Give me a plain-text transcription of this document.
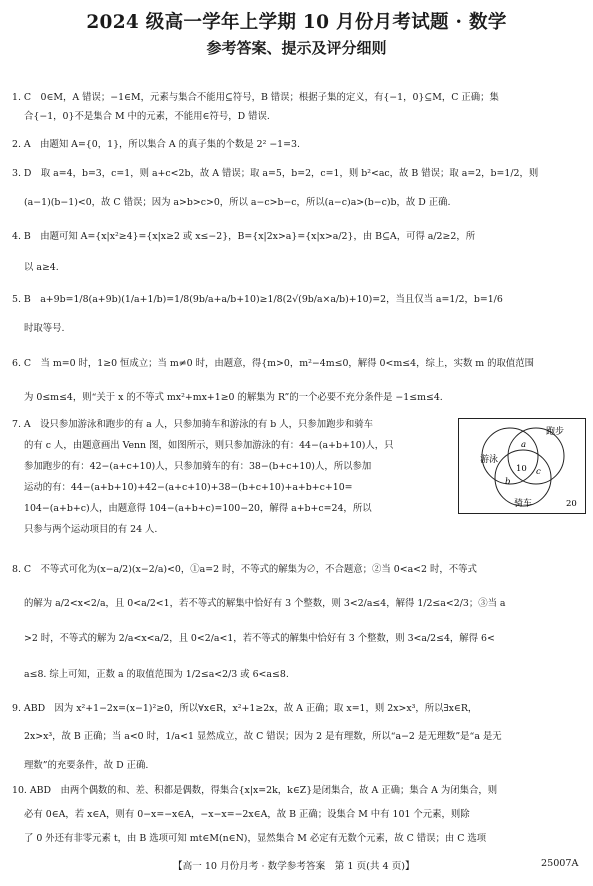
2024 级高一学年上学期 10 月份月考试题 · 数学
参考答案、提示及评分细则
1. C　0∈M，A 错误；−1∈M，元素与集合不能用⊆符号，B 错误；根据子集的定义，有{−1，0}⊆M，C 正确；集
合{−1，0}不是集合 M 中的元素，不能用∈符号，D 错误.
2. A　由题知 A={0，1}，所以集合 A 的真子集的个数是 2² −1=3.
3. D　取 a=4，b=3，c=1，则 a+c<2b，故 A 错误；取 a=5，b=2，c=1，则 b²<ac，故 B 错误；取 a=2，b=1/2，则
(a−1)(b−1)<0，故 C 错误；因为 a>b>c>0，所以 a−c>b−c，所以(a−c)a>(b−c)b，故 D 正确.
4. B　由题可知 A={x|x²≥4}={x|x≥2 或 x≤−2}，B={x|2x>a}={x|x>a/2}，由 B⊆A，可得 a/2≥2，所
以 a≥4.
5. B　a+9b=1/8(a+9b)(1/a+1/b)=1/8(9b/a+a/b+10)≥1/8(2√(9b/a×a/b)+10)=2，当且仅当 a=1/2，b=1/6
时取等号.
6. C　当 m=0 时，1≥0 恒成立；当 m≠0 时，由题意，得{m>0，m²−4m≤0，解得 0<m≤4，综上，实数 m 的取值范围
为 0≤m≤4，则“关于 x 的不等式 mx²+mx+1≥0 的解集为 R”的一个必要不充分条件是 −1≤m≤4.
7. A　设只参加游泳和跑步的有 a 人，只参加骑车和游泳的有 b 人，只参加跑步和骑车
的有 c 人，由题意画出 Venn 图，如图所示，则只参加游泳的有：44−(a+b+10)人，只
参加跑步的有：42−(a+c+10)人，只参加骑车的有：38−(b+c+10)人，所以参加
运动的有：44−(a+b+10)+42−(a+c+10)+38−(b+c+10)+a+b+c+10=
104−(a+b+c)人，由题意得 104−(a+b+c)=100−20，解得 a+b+c=24，所以
只参与两个运动项目的有 24 人.
8. C　不等式可化为(x−a/2)(x−2/a)<0，①a=2 时，不等式的解集为∅，不合题意；②当 0<a<2 时，不等式
的解为 a/2<x<2/a，且 0<a/2<1，若不等式的解集中恰好有 3 个整数，则 3<2/a≤4，解得 1/2≤a<2/3；③当 a
>2 时，不等式的解为 2/a<x<a/2，且 0<2/a<1，若不等式的解集中恰好有 3 个整数，则 3<a/2≤4，解得 6<
a≤8. 综上可知，正数 a 的取值范围为 1/2≤a<2/3 或 6<a≤8.
9. ABD　因为 x²+1−2x=(x−1)²≥0，所以∀x∈R，x²+1≥2x，故 A 正确；取 x=1，则 2x>x³，所以∃x∈R，
2x>x³，故 B 正确；当 a<0 时，1/a<1 显然成立，故 C 错误；因为 2 是有理数，所以“a−2 是无理数”是“a 是无
理数”的充要条件，故 D 正确.
10. ABD　由两个偶数的和、差、积都是偶数，得集合{x|x=2k，k∈Z}是闭集合，故 A 正确；集合 A 为闭集合，则
必有 0∈A，若 x∈A，则有 0−x=−x∈A，−x−x=−2x∈A，故 B 正确；设集合 M 中有 101 个元素，则除
了 0 外还有非零元素 t，由 B 选项可知 mt∈M(n∈N)，显然集合 M 必定有无数个元素，故 C 错误；由 C 选项
游泳
跑步
骑车
a
b
c
10
20
【高一 10 月份月考 · 数学参考答案　第 1 页(共 4 页)】	25007A
